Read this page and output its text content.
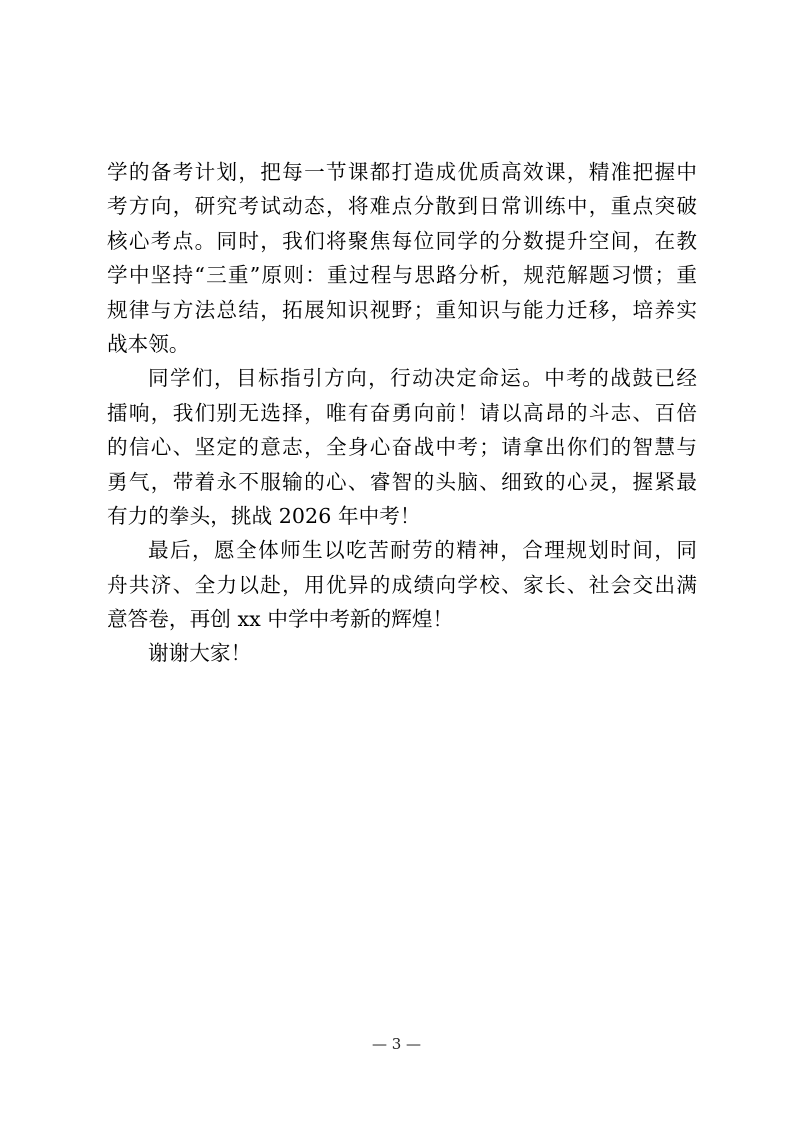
学的备考计划，把每一节课都打造成优质高效课，精准把握中
考方向，研究考试动态，将难点分散到日常训练中，重点突破
核心考点。同时，我们将聚焦每位同学的分数提升空间，在教
学中坚持“三重”原则：重过程与思路分析，规范解题习惯；重
规律与方法总结，拓展知识视野；重知识与能力迁移，培养实
战本领。
同学们，目标指引方向，行动决定命运。中考的战鼓已经
擂响，我们别无选择，唯有奋勇向前！请以高昂的斗志、百倍
的信心、坚定的意志，全身心奋战中考；请拿出你们的智慧与
勇气，带着永不服输的心、睿智的头脑、细致的心灵，握紧最
有力的拳头，挑战 2026 年中考！
最后，愿全体师生以吃苦耐劳的精神，合理规划时间，同
舟共济、全力以赴，用优异的成绩向学校、家长、社会交出满
意答卷，再创 xx 中学中考新的辉煌！
谢谢大家！
— 3 —
